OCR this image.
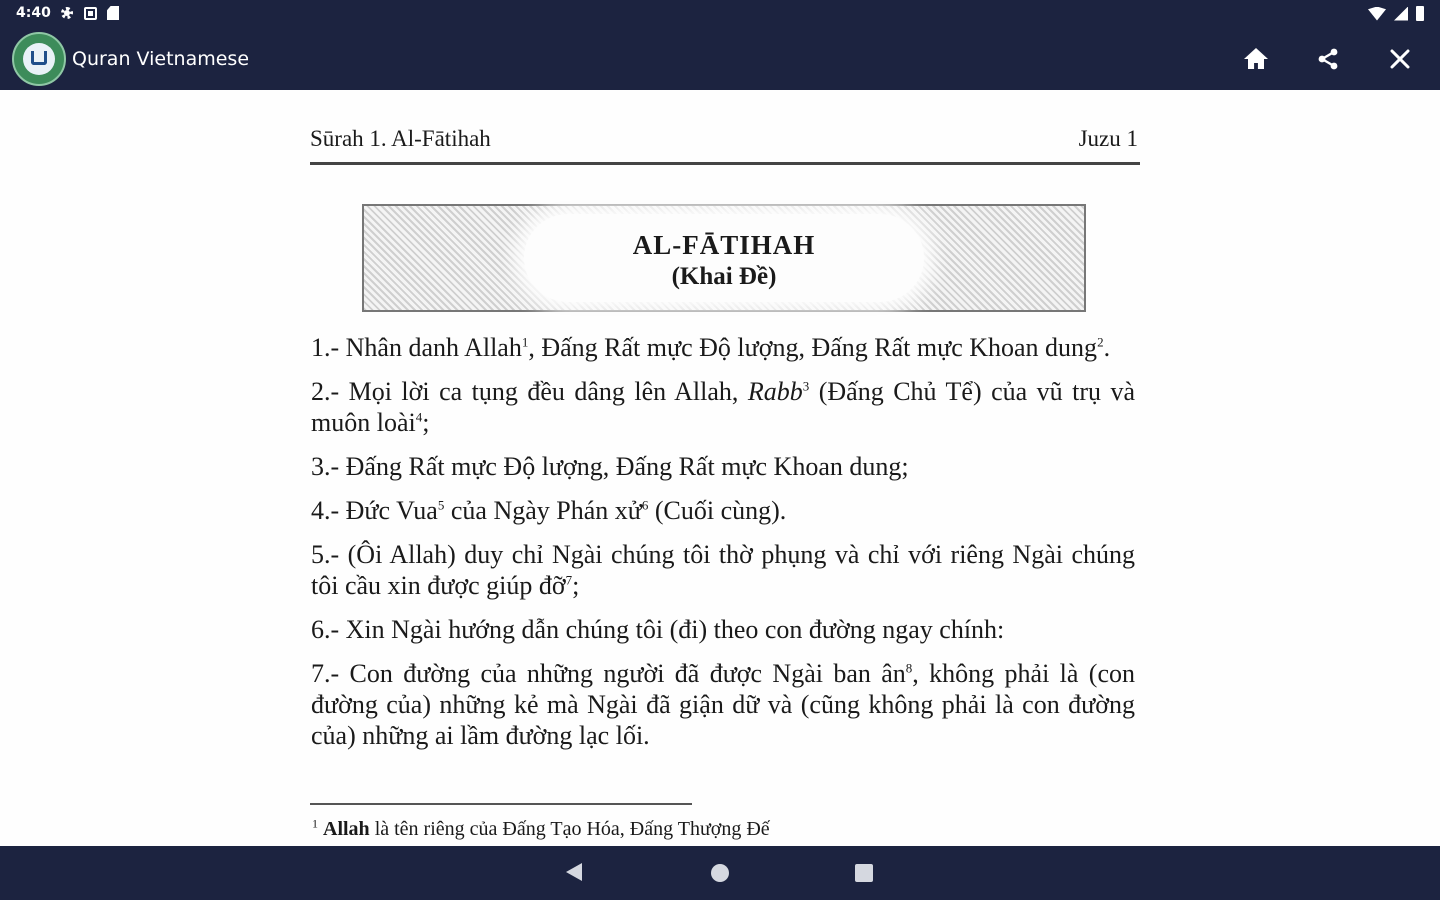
4:40
Quran Vietnamese
Sūrah 1. Al-Fātihah	Juzu 1
AL-FĀTIHAH
(Khai Đề)

1.- Nhân danh Allah$^1$, Đấng Rất mực Độ lượng, Đấng Rất mực Khoan dung$^2$.

2.- Mọi lời ca tụng đều dâng lên Allah, Rabb$^3$ (Đấng Chủ Tể) của vũ trụ và muôn loài$^4$;

3.- Đấng Rất mực Độ lượng, Đấng Rất mực Khoan dung;

4.- Đức Vua$^5$ của Ngày Phán xử$^6$ (Cuối cùng).

5.- (Ôi Allah) duy chỉ Ngài chúng tôi thờ phụng và chỉ với riêng Ngài chúng tôi cầu xin được giúp đỡ$^7$;

6.- Xin Ngài hướng dẫn chúng tôi (đi) theo con đường ngay chính:

7.- Con đường của những người đã được Ngài ban $ân^8$, không phải là (con đường của) những kẻ mà Ngài đã giận dữ và (cũng không phải là con đường của) những ai lầm đường lạc lối.

$^1$ Allah là tên riêng của Đấng Tạo Hóa, Đấng Thượng Đế
